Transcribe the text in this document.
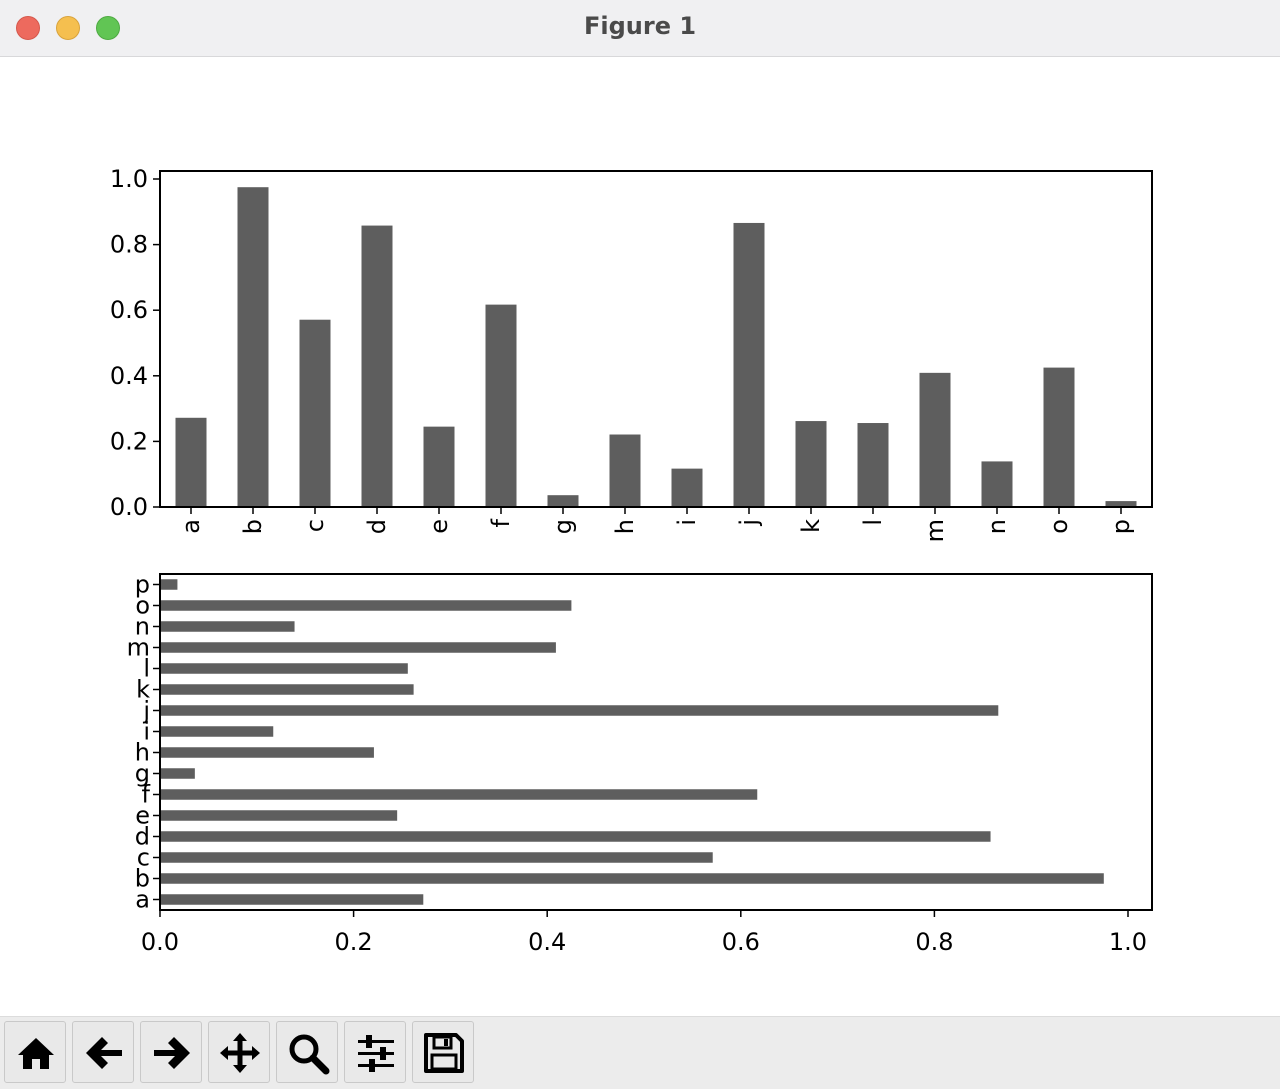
Figure 1
a b c d e f g h i j k l m n o p
0.0
0.2
0.4
0.6
0.8
1.0
a
b
c
d
e
f
g
h
i
j
k
l
m
n
o
p
0.0	0.2	0.4	0.6	0.8	1.0
